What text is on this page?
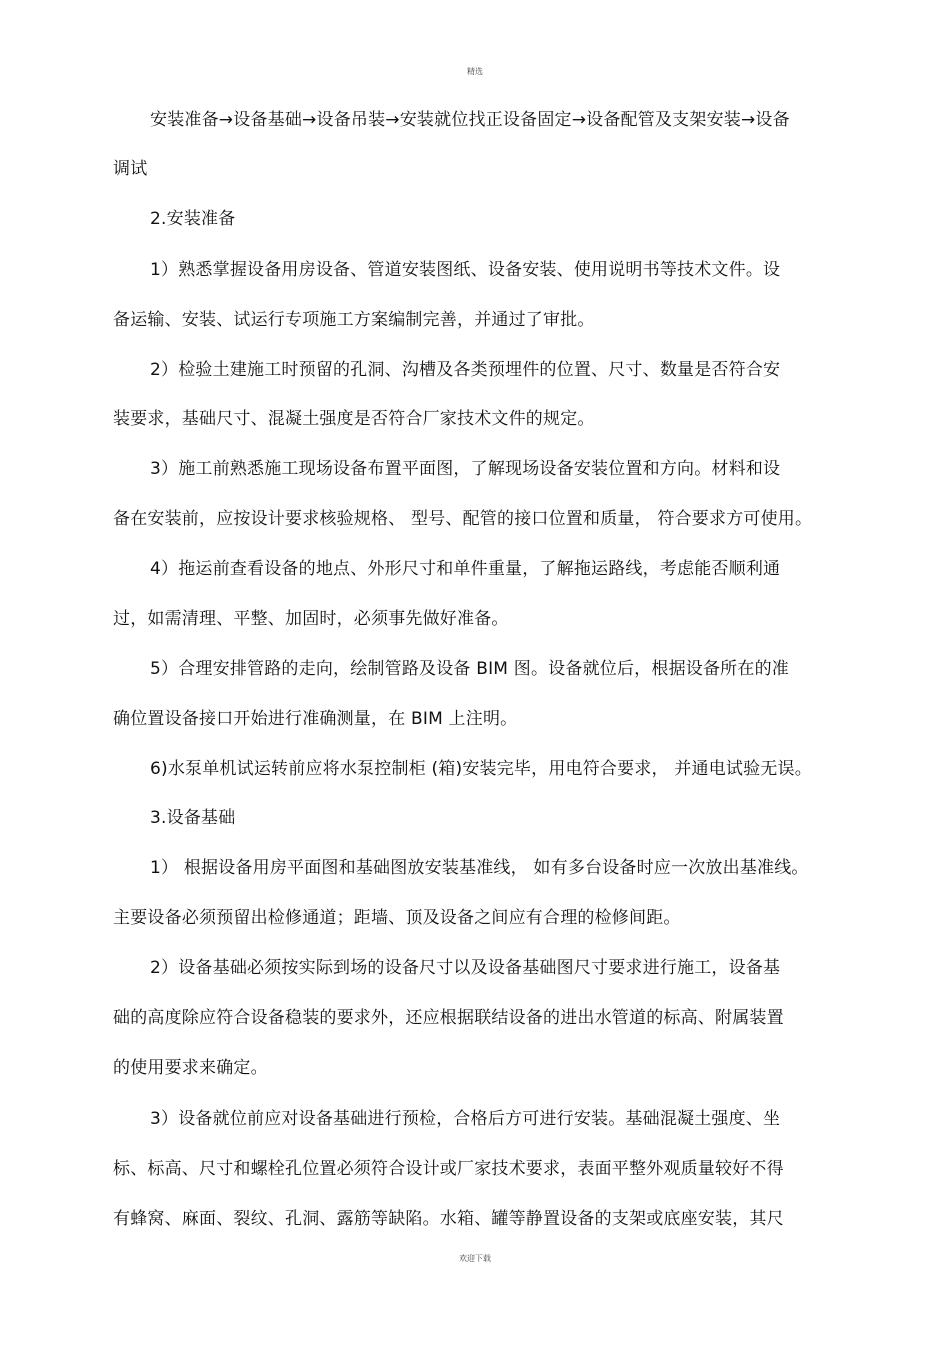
精选
安装准备→设备基础→设备吊装→安装就位找正设备固定→设备配管及支架安装→设备
调试
2.安装准备
1）熟悉掌握设备用房设备、管道安装图纸、设备安装、使用说明书等技术文件。设
备运输、安装、试运行专项施工方案编制完善，并通过了审批。
2）检验土建施工时预留的孔洞、沟槽及各类预埋件的位置、尺寸、数量是否符合安
装要求，基础尺寸、混凝土强度是否符合厂家技术文件的规定。
3）施工前熟悉施工现场设备布置平面图，了解现场设备安装位置和方向。材料和设
备在安装前，应按设计要求核验规格、 型号、配管的接口位置和质量， 符合要求方可使用。
4）拖运前查看设备的地点、外形尺寸和单件重量，了解拖运路线，考虑能否顺利通
过，如需清理、平整、加固时，必须事先做好准备。
5）合理安排管路的走向，绘制管路及设备 BIM 图。设备就位后，根据设备所在的准
确位置设备接口开始进行准确测量，在 BIM 上注明。
6)水泵单机试运转前应将水泵控制柜 (箱)安装完毕，用电符合要求， 并通电试验无误。
3.设备基础
1） 根据设备用房平面图和基础图放安装基准线， 如有多台设备时应一次放出基准线。
主要设备必须预留出检修通道；距墙、顶及设备之间应有合理的检修间距。
2）设备基础必须按实际到场的设备尺寸以及设备基础图尺寸要求进行施工，设备基
础的高度除应符合设备稳装的要求外，还应根据联结设备的进出水管道的标高、附属装置
的使用要求来确定。
3）设备就位前应对设备基础进行预检，合格后方可进行安装。基础混凝土强度、坐
标、标高、尺寸和螺栓孔位置必须符合设计或厂家技术要求，表面平整外观质量较好不得
有蜂窝、麻面、裂纹、孔洞、露筋等缺陷。水箱、罐等静置设备的支架或底座安装，其尺
欢迎下载
